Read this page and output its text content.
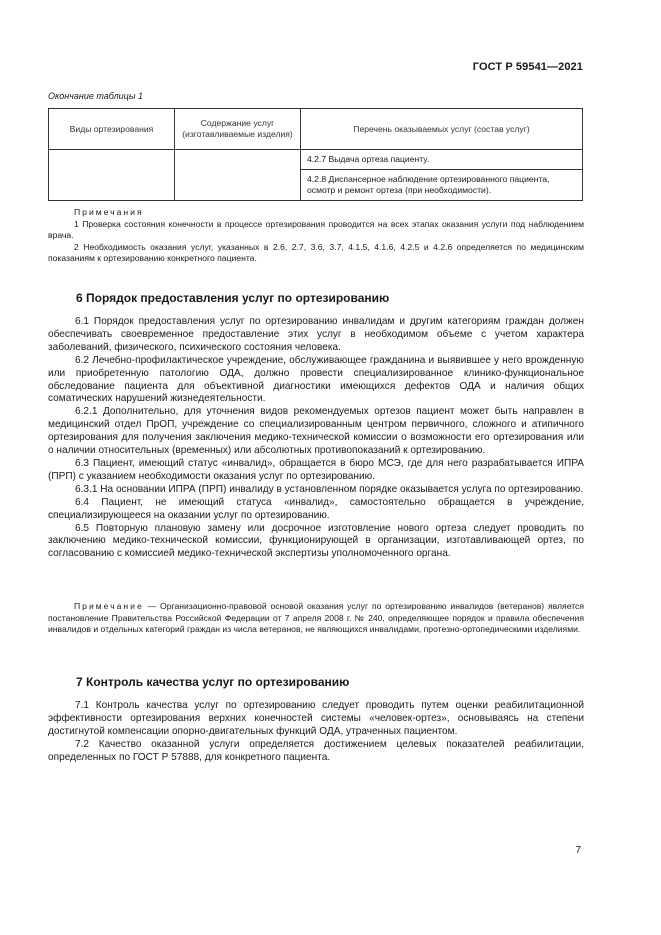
ГОСТ Р 59541—2021
Окончание таблицы 1
Виды ортезирования	Содержание услуг (изготавливаемые изделия)	Перечень оказываемых услуг (состав услуг)
		4.2.7 Выдача ортеза пациенту.
		4.2.8 Диспансерное наблюдение ортезированного пациента, осмотр и ремонт ортеза (при необходимости).
Примечания

1 Проверка состояния конечности в процессе ортезирования проводится на всех этапах оказания услуги под наблюдением врача.

2 Необходимость оказания услуг, указанных в 2.6, 2.7, 3.6, 3.7, 4.1.5, 4.1.6, 4.2.5 и 4.2.6 определяется по медицинским показаниям к ортезированию конкретного пациента.

6 Порядок предоставления услуг по ортезированию

6.1 Порядок предоставления услуг по ортезированию инвалидам и другим категориям граждан должен обеспечивать своевременное предоставление этих услуг в необходимом объеме с учетом характера заболеваний, физического, психического состояния человека.

6.2 Лечебно-профилактическое учреждение, обслуживающее гражданина и выявившее у него врожденную или приобретенную патологию ОДА, должно провести специализированное клинико-функциональное обследование пациента для объективной диагностики имеющихся дефектов ОДА и наличия общих соматических нарушений жизнедеятельности.

6.2.1 Дополнительно, для уточнения видов рекомендуемых ортезов пациент может быть направлен в медицинский отдел ПрОП, учреждение со специализированным центром первичного, сложного и атипичного ортезирования для получения заключения медико-технической комиссии о возможности его ортезирования или о наличии относительных (временных) или абсолютных противопоказаний к ортезированию.

6.3 Пациент, имеющий статус «инвалид», обращается в бюро МСЭ, где для него разрабатывается ИПРА (ПРП) с указанием необходимости оказания услуг по ортезированию.

6.3.1 На основании ИПРА (ПРП) инвалиду в установленном порядке оказывается услуга по ортезированию.

6.4 Пациент, не имеющий статуса «инвалид», самостоятельно обращается в учреждение, специализирующееся на оказании услуг по ортезированию.

6.5 Повторную плановую замену или досрочное изготовление нового ортеза следует проводить по заключению медико-технической комиссии, функционирующей в организации, изготавливающей ортез, по согласованию с комиссией медико-технической экспертизы уполномоченного органа.

Примечание — Организационно-правовой основой оказания услуг по ортезированию инвалидов (ветеранов) является постановление Правительства Российской Федерации от 7 апреля 2008 г. № 240, определяющее порядок и правила обеспечения инвалидов и отдельных категорий граждан из числа ветеранов, не являющихся инвалидами, протезно-ортопедическими изделиями.

7 Контроль качества услуг по ортезированию

7.1 Контроль качества услуг по ортезированию следует проводить путем оценки реабилитационной эффективности ортезирования верхних конечностей системы «человек-ортез», основываясь на степени достигнутой компенсации опорно-двигательных функций ОДА, утраченных пациентом.

7.2 Качество оказанной услуги определяется достижением целевых показателей реабилитации, определенных по ГОСТ Р 57888, для конкретного пациента.

7
